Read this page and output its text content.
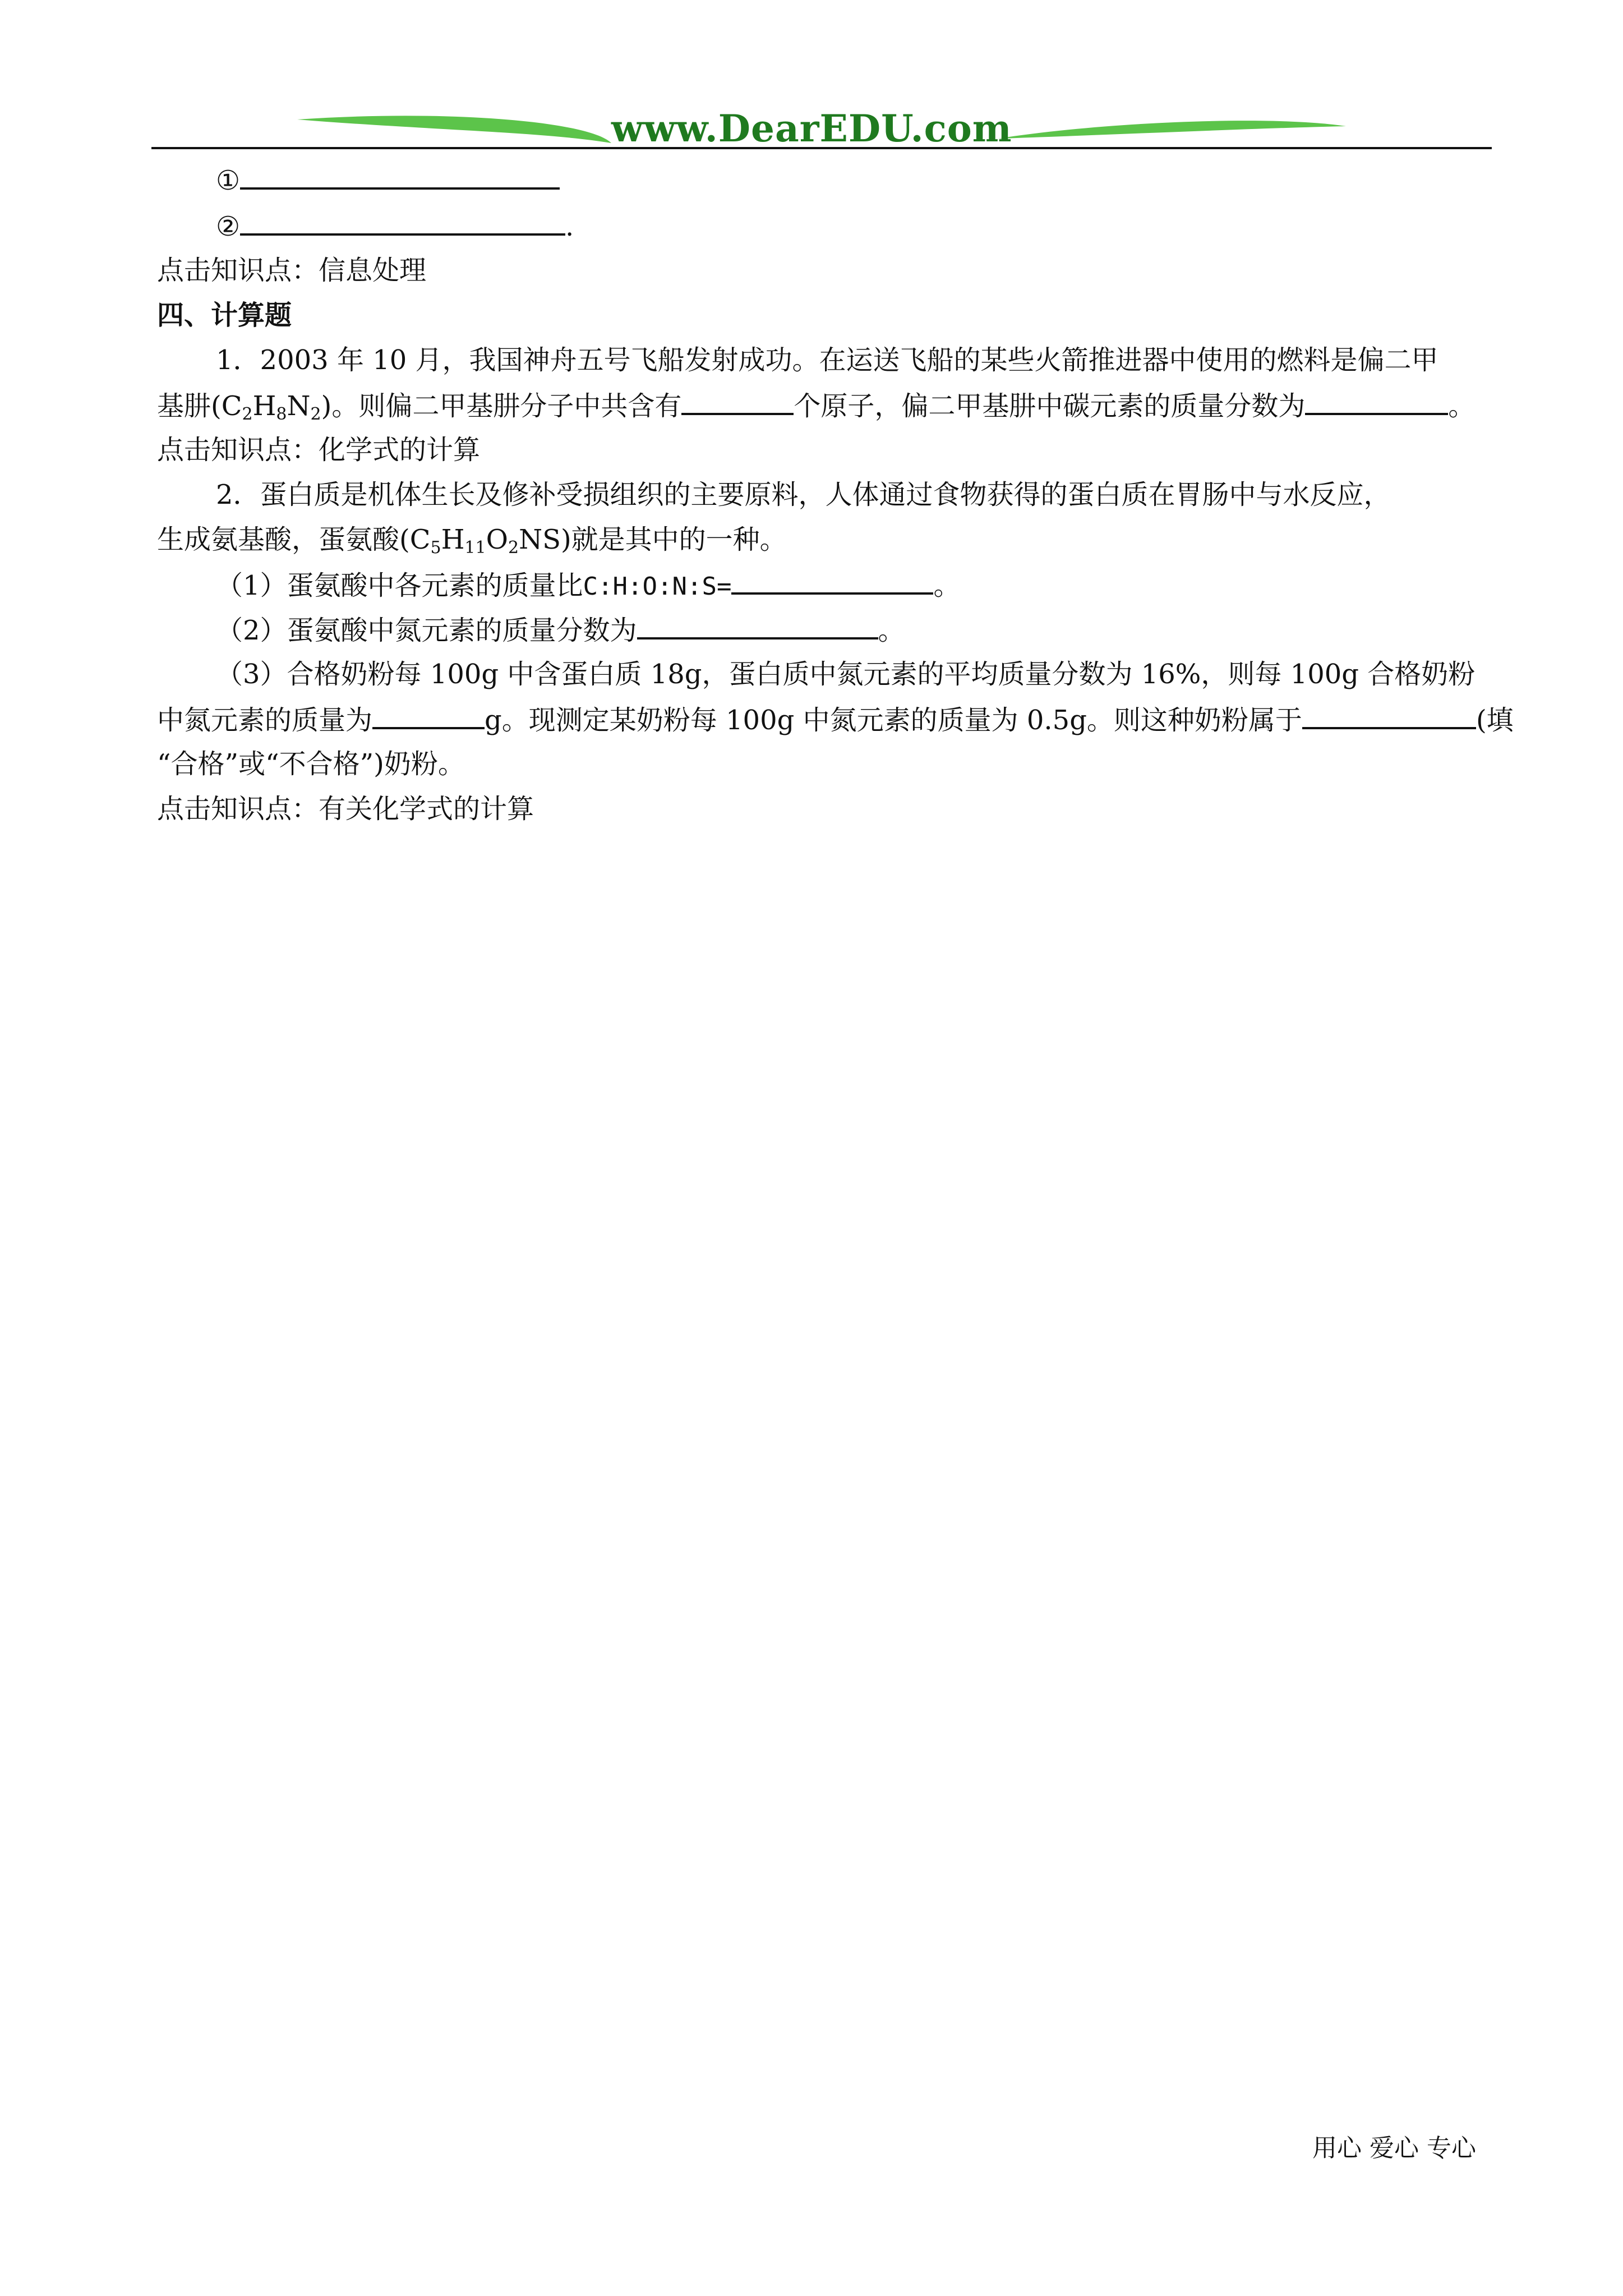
www.DearEDU.com
①
②	.
点击知识点：信息处理
四、计算题
1．2003 年 10 月，我国神舟五号飞船发射成功。在运送飞船的某些火箭推进器中使用的燃料是偏二甲
基肼$(C_2H_8N_2)$。则偏二甲基肼分子中共含有	个原子，偏二甲基肼中碳元素的质量分数为	。
点击知识点：化学式的计算
2．蛋白质是机体生长及修补受损组织的主要原料，人体通过食物获得的蛋白质在胃肠中与水反应，
生成氨基酸，蛋氨酸$(C_5H_{11}O_2NS)$就是其中的一种。
（1）蛋氨酸中各元素的质量比C:H:O:N:S=	。
（2）蛋氨酸中氮元素的质量分数为	。
（3）合格奶粉每 100g 中含蛋白质 18g，蛋白质中氮元素的平均质量分数为 16%，则每 100g 合格奶粉
中氮元素的质量为	g。现测定某奶粉每 100g 中氮元素的质量为 0.5g。则这种奶粉属于	(填
“合格”或“不合格”)奶粉。
点击知识点：有关化学式的计算
用心 爱心 专心
